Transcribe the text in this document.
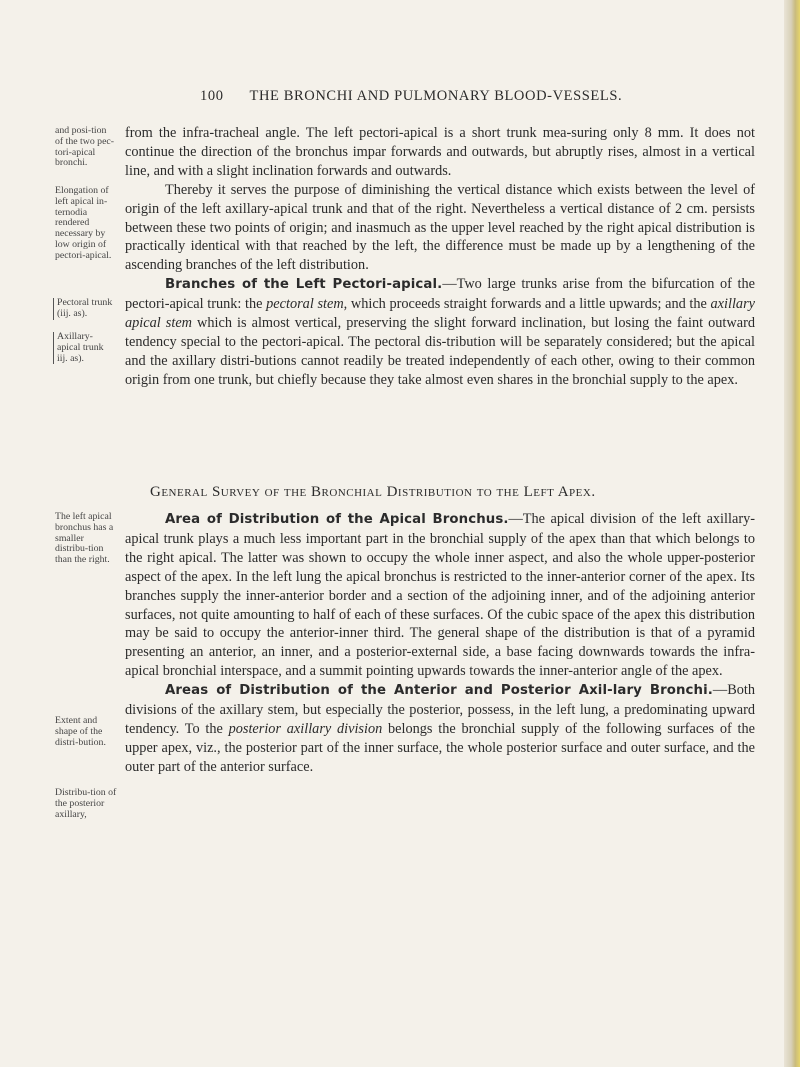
100 THE BRONCHI AND PULMONARY BLOOD-VESSELS.
and posi-tion of the two pec-tori-apical bronchi.
Elongation of left apical in-ternodia rendered necessary by low origin of pectori-apical.
Pectoral trunk (iij. as).
Axillary-apical trunk iij. as).
The left apical bronchus has a smaller distribu-tion than the right.
Extent and shape of the distri-bution.
Distribu-tion of the posterior axillary,

from the infra-tracheal angle. The left pectori-apical is a short trunk mea-suring only 8 mm. It does not continue the direction of the bronchus impar forwards and outwards, but abruptly rises, almost in a vertical line, and with a slight inclination forwards and outwards.

Thereby it serves the purpose of diminishing the vertical distance which exists between the level of origin of the left axillary-apical trunk and that of the right. Nevertheless a vertical distance of 2 cm. persists between these two points of origin; and inasmuch as the upper level reached by the right apical distribution is practically identical with that reached by the left, the difference must be made up by a lengthening of the ascending branches of the left distribution.

Branches of the Left Pectori-apical.—Two large trunks arise from the bifurcation of the pectori-apical trunk: the pectoral stem, which proceeds straight forwards and a little upwards; and the axillary apical stem which is almost vertical, preserving the slight forward inclination, but losing the faint outward tendency special to the pectori-apical. The pectoral dis-tribution will be separately considered; but the apical and the axillary distri-butions cannot readily be treated independently of each other, owing to their common origin from one trunk, but chiefly because they take almost even shares in the bronchial supply to the apex.

General Survey of the Bronchial Distribution to the Left Apex.

Area of Distribution of the Apical Bronchus.—The apical division of the left axillary-apical trunk plays a much less important part in the bronchial supply of the apex than that which belongs to the right apical. The latter was shown to occupy the whole inner aspect, and also the whole upper-posterior aspect of the apex. In the left lung the apical bronchus is restricted to the inner-anterior corner of the apex. Its branches supply the inner-anterior border and a section of the adjoining inner, and of the adjoining anterior surfaces, not quite amounting to half of each of these surfaces. Of the cubic space of the apex this distribution may be said to occupy the anterior-inner third. The general shape of the distribution is that of a pyramid presenting an anterior, an inner, and a posterior-external side, a base facing downwards towards the infra-apical bronchial interspace, and a summit pointing upwards towards the inner-anterior angle of the apex.

Areas of Distribution of the Anterior and Posterior Axil-lary Bronchi.—Both divisions of the axillary stem, but especially the posterior, possess, in the left lung, a predominating upward tendency. To the posterior axillary division belongs the bronchial supply of the following surfaces of the upper apex, viz., the posterior part of the inner surface, the whole posterior surface and outer surface, and the outer part of the anterior surface.
